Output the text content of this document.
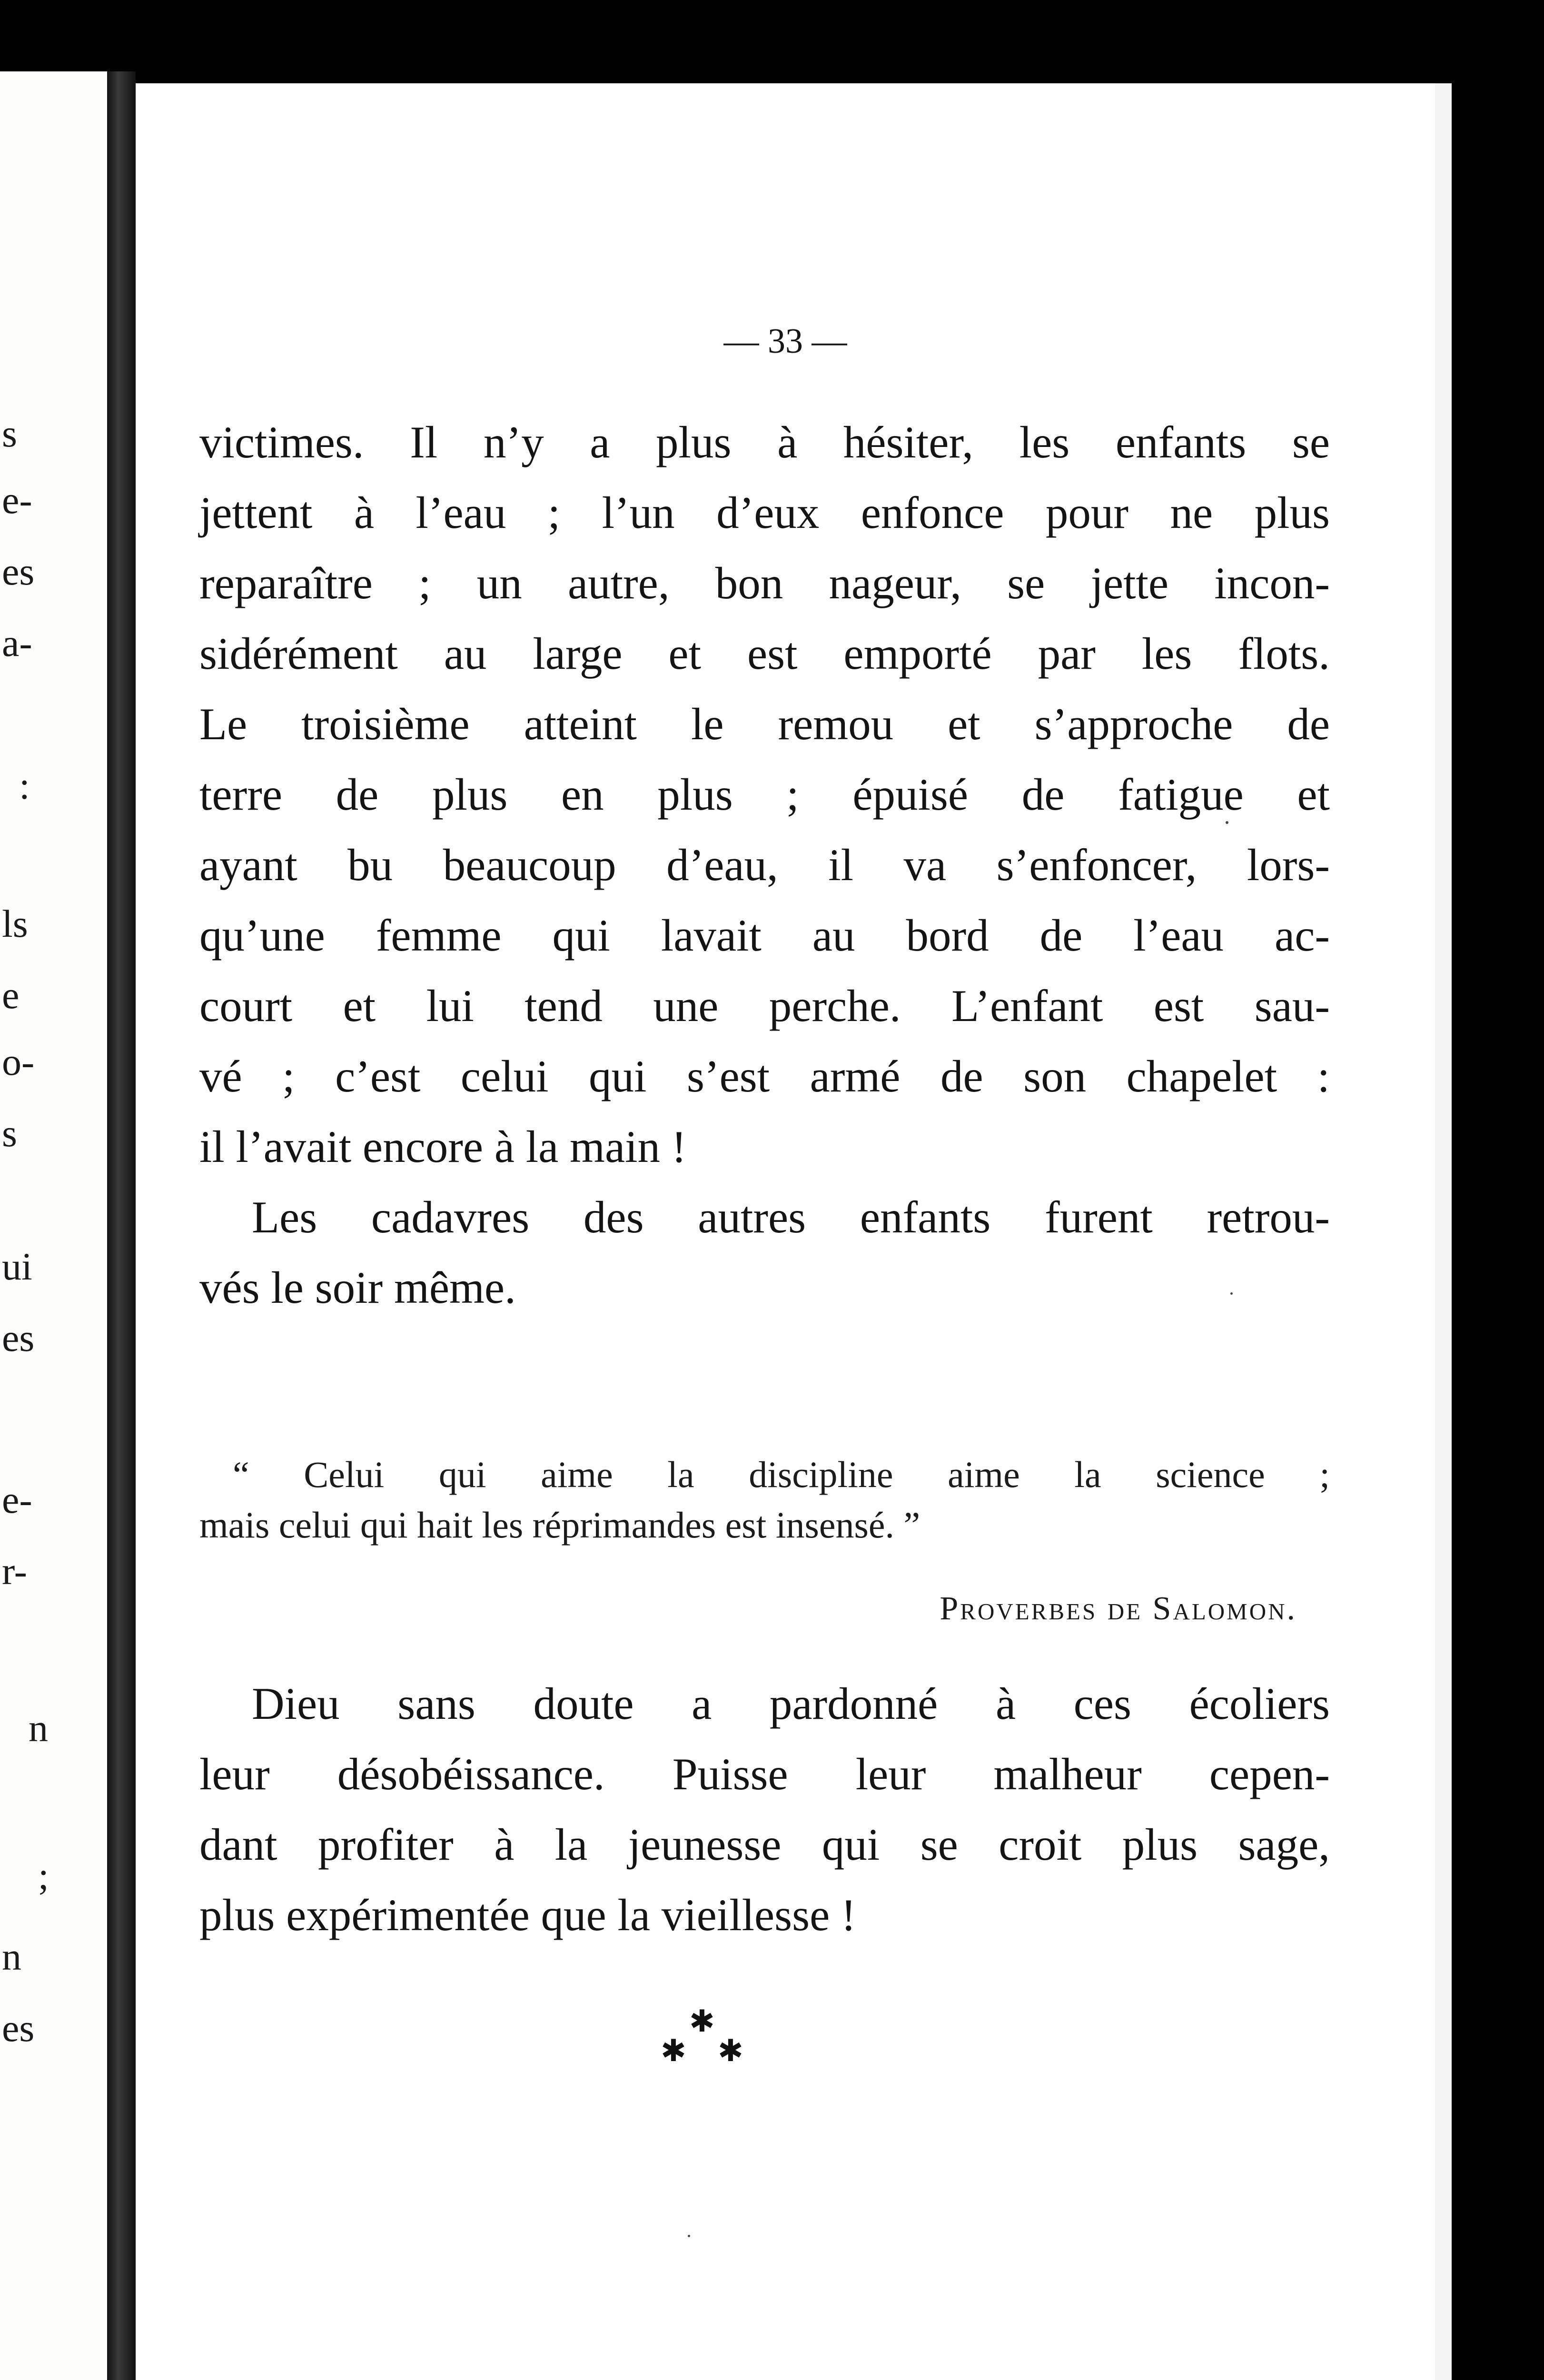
s
e-
es
a-
:
ls
e
o-
s
ui
es
e-
r-
n
;
n
es
— 33 —

victimes. Il n’y a plus à hésiter, les enfants se
jettent à l’eau ; l’un d’eux enfonce pour ne plus
reparaître ; un autre, bon nageur, se jette incon-
sidérément au large et est emporté par les flots.
Le troisième atteint le remou et s’approche de
terre de plus en plus ; épuisé de fatigue et
ayant bu beaucoup d’eau, il va s’enfoncer, lors-
qu’une femme qui lavait au bord de l’eau ac-
court et lui tend une perche. L’enfant est sau-
vé ; c’est celui qui s’est armé de son chapelet :
il l’avait encore à la main !

Les cadavres des autres enfants furent retrou-
vés le soir même.

“ Celui qui aime la discipline aime la science ;
mais celui qui hait les réprimandes est insensé. ”
Proverbes de Salomon.

Dieu sans doute a pardonné à ces écoliers
leur désobéissance. Puisse leur malheur cepen-
dant profiter à la jeunesse qui se croit plus sage,
plus expérimentée que la vieillesse !

✱
✱ ✱
